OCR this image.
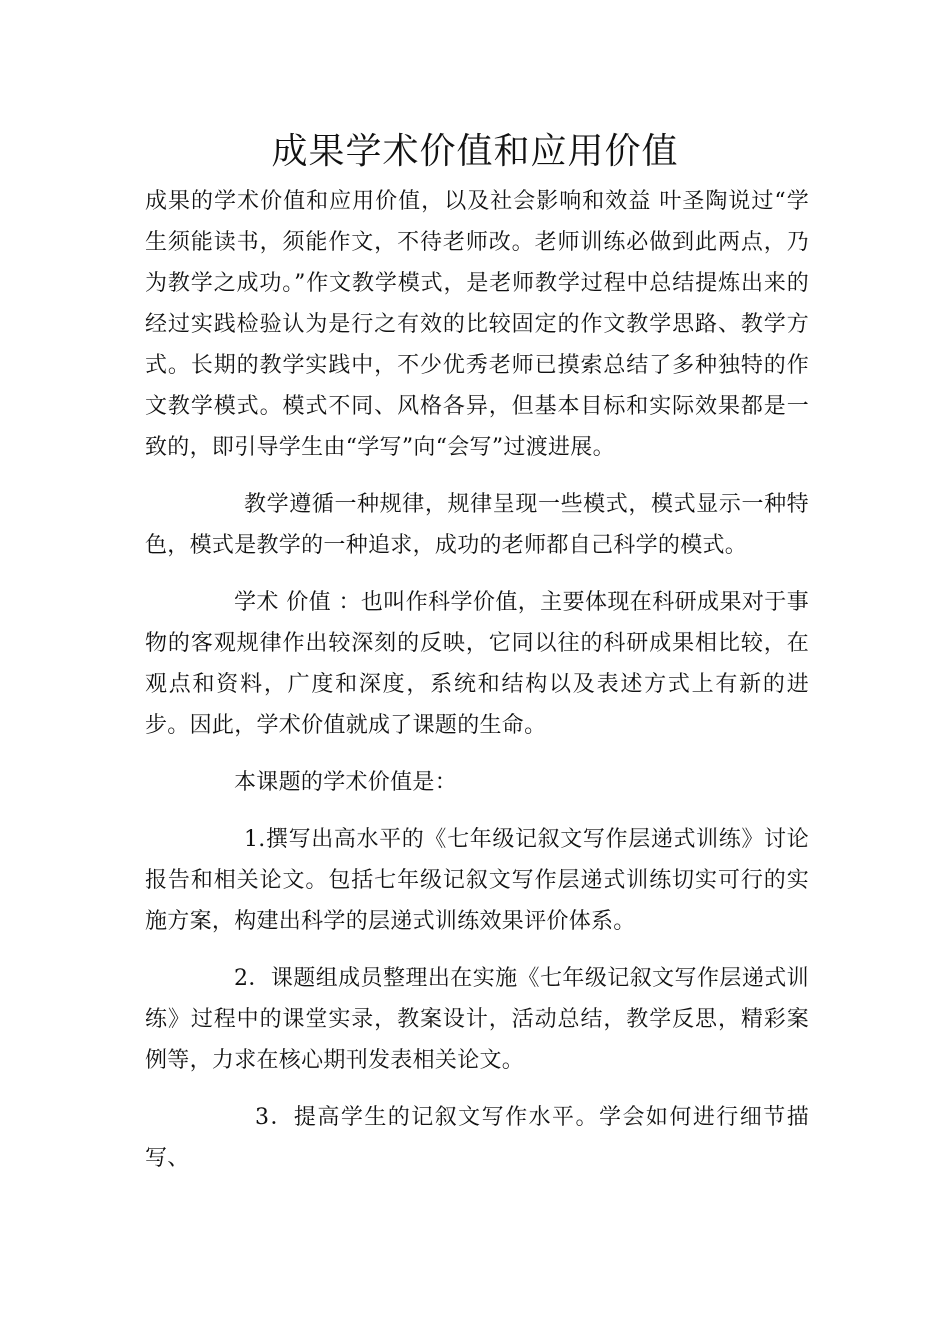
成果学术价值和应用价值

成果的学术价值和应用价值，以及社会影响和效益 叶圣陶说过“学生须能读书，须能作文，不待老师改。老师训练必做到此两点，乃为教学之成功。”作文教学模式，是老师教学过程中总结提炼出来的经过实践检验认为是行之有效的比较固定的作文教学思路、教学方式。长期的教学实践中，不少优秀老师已摸索总结了多种独特的作文教学模式。模式不同、风格各异，但基本目标和实际效果都是一致的，即引导学生由“学写”向“会写”过渡进展。

教学遵循一种规律，规律呈现一些模式，模式显示一种特色，模式是教学的一种追求，成功的老师都自己科学的模式。

学术 价值 ：也叫作科学价值，主要体现在科研成果对于事物的客观规律作出较深刻的反映，它同以往的科研成果相比较，在观点和资料，广度和深度，系统和结构以及表述方式上有新的进步。因此，学术价值就成了课题的生命。

本课题的学术价值是：

1.撰写出高水平的《七年级记叙文写作层递式训练》讨论报告和相关论文。包括七年级记叙文写作层递式训练切实可行的实施方案，构建出科学的层递式训练效果评价体系。

2．课题组成员整理出在实施《七年级记叙文写作层递式训练》过程中的课堂实录，教案设计，活动总结，教学反思，精彩案例等，力求在核心期刊发表相关论文。

3．提高学生的记叙文写作水平。学会如何进行细节描写、
